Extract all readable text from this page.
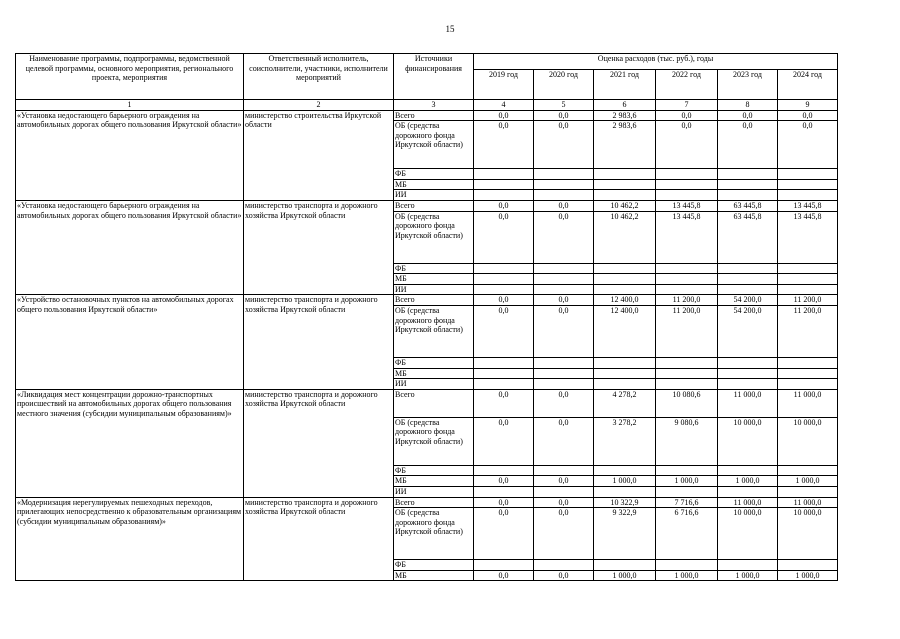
15
Наименование программы, подпрограммы, ведомственной целевой программы, основного мероприятия, регионального проекта, мероприятия	Ответственный исполнитель, соисполнители, участники, исполнители мероприятий	Источники финансирования	Оценка расходов (тыс. руб.), годы					
			2019 год	2020 год	2021 год	2022 год	2023 год	2024 год
1	2	3	4	5	6	7	8	9
«Установка недостающего барьерного ограждения на автомобильных дорогах общего пользования Иркутской области»	министерство строительства Иркутской области	Всего	0,0	0,0	2 983,6	0,0	0,0	0,0
		ОБ (средства дорожного фонда Иркутской области)	0,0	0,0	2 983,6	0,0	0,0	0,0
		ФБ						
		МБ						
		ИИ						
«Установка недостающего барьерного ограждения на автомобильных дорогах общего пользования Иркутской области»	министерство транспорта и дорожного хозяйства Иркутской области	Всего	0,0	0,0	10 462,2	13 445,8	63 445,8	13 445,8
		ОБ (средства дорожного фонда Иркутской области)	0,0	0,0	10 462,2	13 445,8	63 445,8	13 445,8
		ФБ						
		МБ						
		ИИ						
«Устройство остановочных пунктов на автомобильных дорогах общего пользования Иркутской области»	министерство транспорта и дорожного хозяйства Иркутской области	Всего	0,0	0,0	12 400,0	11 200,0	54 200,0	11 200,0
		ОБ (средства дорожного фонда Иркутской области)	0,0	0,0	12 400,0	11 200,0	54 200,0	11 200,0
		ФБ						
		МБ						
		ИИ						
«Ликвидация мест концентрации дорожно-транспортных происшествий на автомобильных дорогах общего пользования местного значения (субсидии муниципальным образованиям)»	министерство транспорта и дорожного хозяйства Иркутской области	Всего	0,0	0,0	4 278,2	10 080,6	11 000,0	11 000,0
		ОБ (средства дорожного фонда Иркутской области)	0,0	0,0	3 278,2	9 080,6	10 000,0	10 000,0
		ФБ						
		МБ	0,0	0,0	1 000,0	1 000,0	1 000,0	1 000,0
		ИИ						
«Модернизация нерегулируемых пешеходных переходов, прилегающих непосредственно к образовательным организациям (субсидии муниципальным образованиям)»	министерство транспорта и дорожного хозяйства Иркутской области	Всего	0,0	0,0	10 322,9	7 716,6	11 000,0	11 000,0
		ОБ (средства дорожного фонда Иркутской области)	0,0	0,0	9 322,9	6 716,6	10 000,0	10 000,0
		ФБ						
		МБ	0,0	0,0	1 000,0	1 000,0	1 000,0	1 000,0
